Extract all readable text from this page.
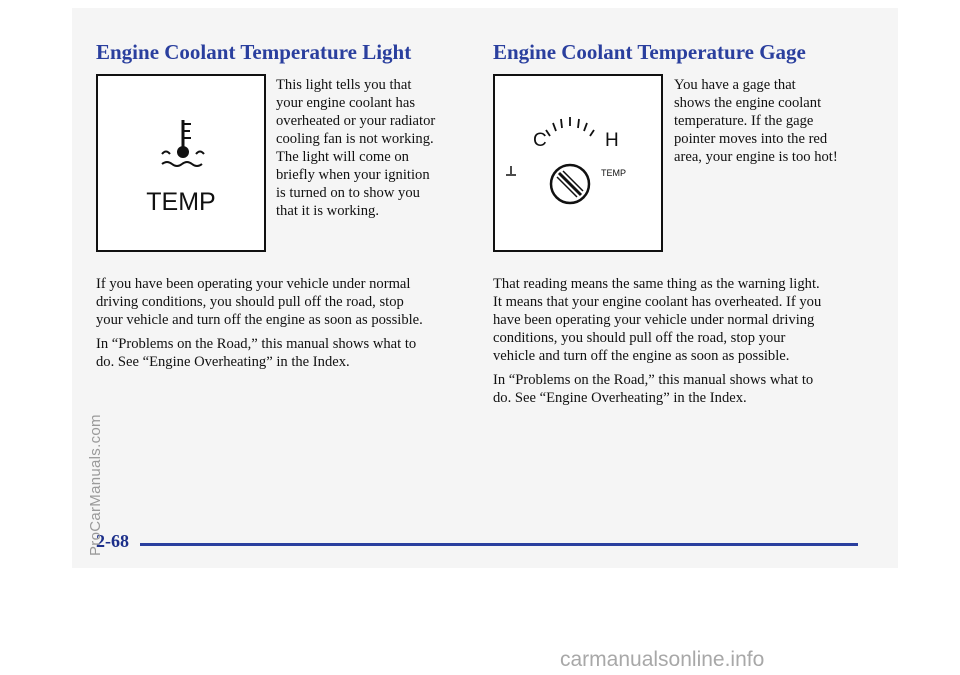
Engine Coolant Temperature Light
TEMP
This light tells you that
your engine coolant has
overheated or your radiator
cooling fan is not working.
The light will come on
briefly when your ignition
is turned on to show you
that it is working.
If you have been operating your vehicle under normal
driving conditions, you should pull off the road, stop
your vehicle and turn off the engine as soon as possible.
In “Problems on the Road,” this manual shows what to
do. See “Engine Overheating” in the Index.
Engine Coolant Temperature Gage
C	H
TEMP
You have a gage that
shows the engine coolant
temperature. If the gage
pointer moves into the red
area, your engine is too hot!
That reading means the same thing as the warning light.
It means that your engine coolant has overheated. If you
have been operating your vehicle under normal driving
conditions, you should pull off the road, stop your
vehicle and turn off the engine as soon as possible.
In “Problems on the Road,” this manual shows what to
do. See “Engine Overheating” in the Index.
2-68
ProCarManuals.com
carmanualsonline.info
